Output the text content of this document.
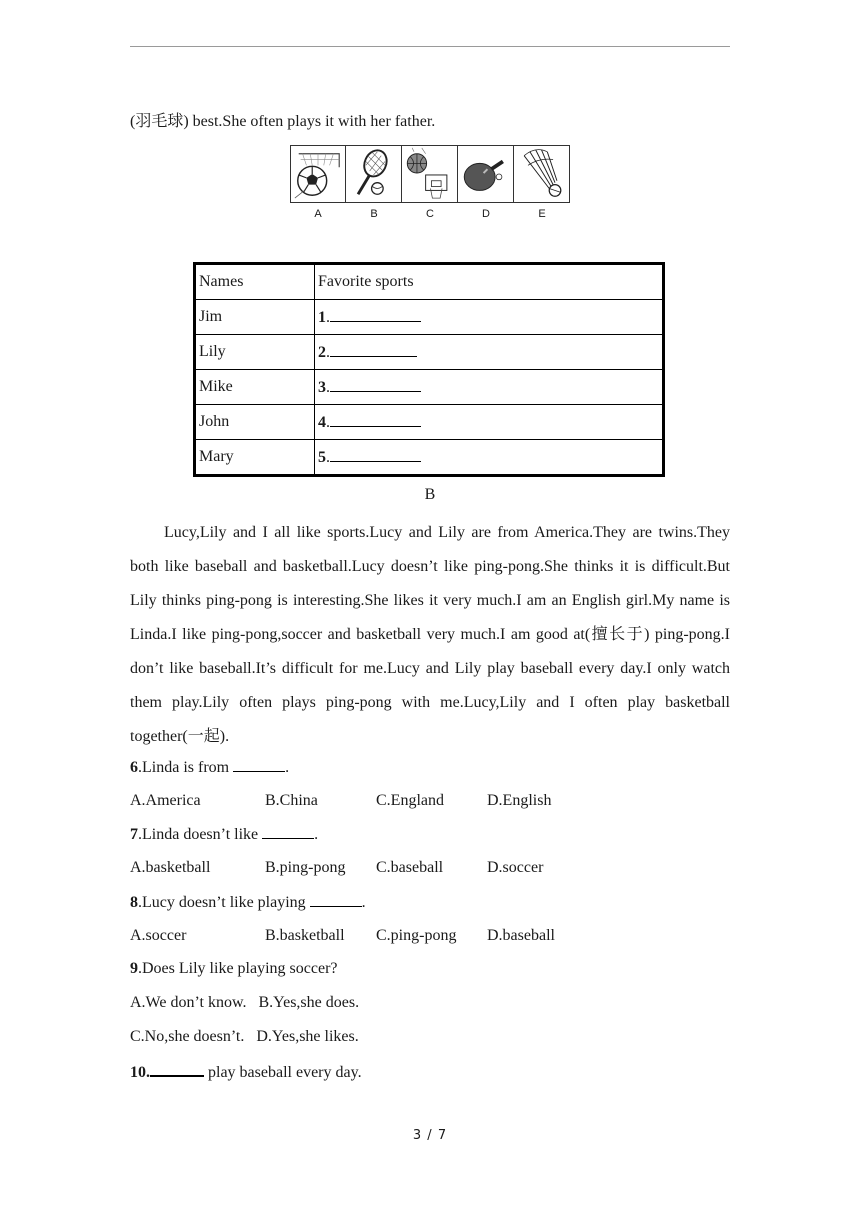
(羽毛球) best.She often plays it with her father.
A	B	C	D	E
Names	Favorite sports
Jim	1.
Lily	2.
Mike	3.
John	4.
Mary	5.
B

Lucy,Lily and I all like sports.Lucy and Lily are from America.They are twins.They both like baseball and basketball.Lucy doesn’t like ping-pong.She thinks it is difficult.But Lily thinks ping-pong is interesting.She likes it very much.I am an English girl.My name is Linda.I like ping-pong,soccer and basketball very much.I am good at(擅长于) ping-pong.I don’t like baseball.It’s difficult for me.Lucy and Lily play baseball every day.I only watch them play.Lily often plays ping-pong with me.Lucy,Lily and I often play basketball together(一起).

6.Linda is from	.
A.America	B.China	C.England	D.English
7.Linda doesn’t like	.
A.basketball	B.ping-pong C.baseball	D.soccer
8.Lucy doesn’t like playing	.
A.soccer	B.basketball C.ping-pong D.baseball
9.Does Lily like playing soccer?
A.We don’t know.   B.Yes,she does.
C.No,she doesn’t.   D.Yes,she likes.
10.	play baseball every day.
3 / 7
